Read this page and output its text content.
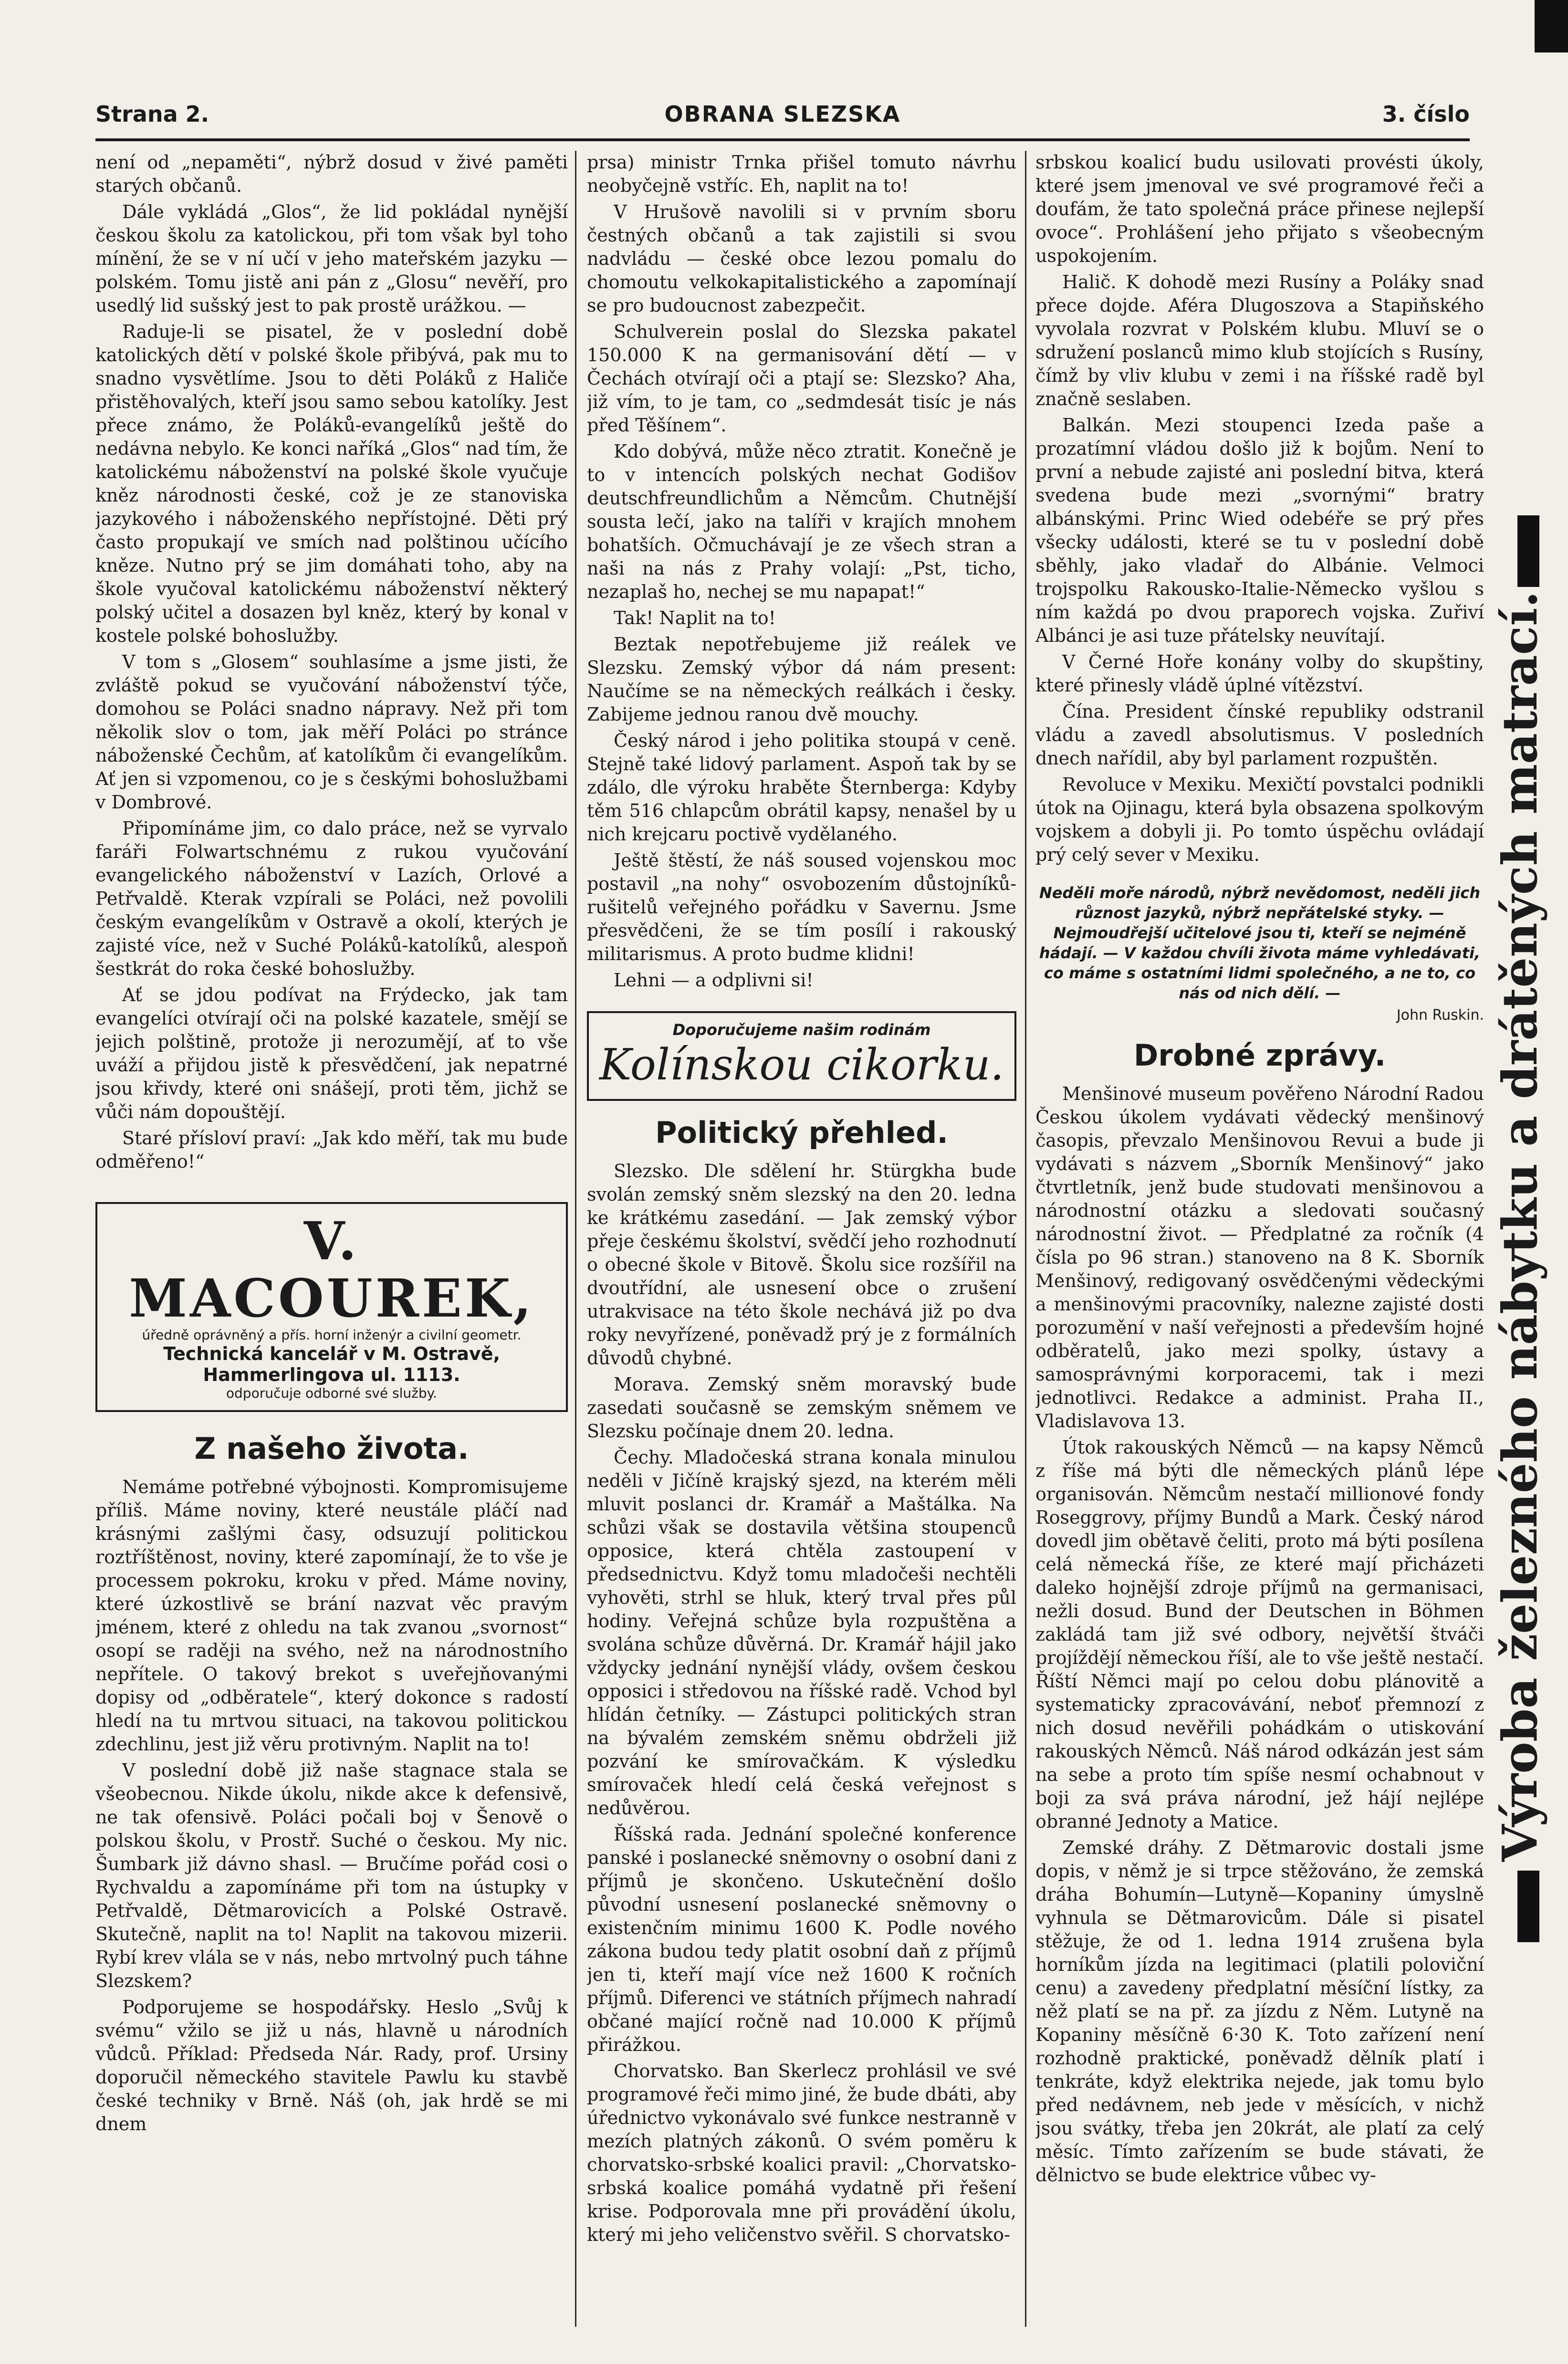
Strana 2.	OBRANA SLEZSKA	3. číslo

není od „nepaměti“, nýbrž dosud v živé paměti starých občanů.

Dále vykládá „Glos“, že lid pokládal nynější českou školu za katolickou, při tom však byl toho mínění, že se v ní učí v jeho mateřském jazyku — polském. Tomu jistě ani pán z „Glosu“ nevěří, pro usedlý lid sušský jest to pak prostě urážkou. —

Raduje-li se pisatel, že v poslední době katolických dětí v polské škole přibývá, pak mu to snadno vysvětlíme. Jsou to děti Poláků z Haliče přistěhovalých, kteří jsou samo sebou katolíky. Jest přece známo, že Poláků-evangelíků ještě do nedávna nebylo. Ke konci naříká „Glos“ nad tím, že katolickému náboženství na polské škole vyučuje kněz národnosti české, což je ze stanoviska jazykového i náboženského nepřístojné. Děti prý často propukají ve smích nad polštinou učícího kněze. Nutno prý se jim domáhati toho, aby na škole vyučoval katolickému náboženství některý polský učitel a dosazen byl kněz, který by konal v kostele polské bohoslužby.

V tom s „Glosem“ souhlasíme a jsme jisti, že zvláště pokud se vyučování náboženství týče, domohou se Poláci snadno nápravy. Než při tom několik slov o tom, jak měří Poláci po stránce náboženské Čechům, ať katolíkům či evangelíkům. Ať jen si vzpomenou, co je s českými bohoslužbami v Dombrové.

Připomínáme jim, co dalo práce, než se vyrvalo faráři Folwartschnému z rukou vyučování evangelického náboženství v Lazích, Orlové a Petřvaldě. Kterak vzpírali se Poláci, než povolili českým evangelíkům v Ostravě a okolí, kterých je zajisté více, než v Suché Poláků-katolíků, alespoň šestkrát do roka české bohoslužby.

Ať se jdou podívat na Frýdecko, jak tam evangelíci otvírají oči na polské kazatele, smějí se jejich polštině, protože ji nerozumějí, ať to vše uváží a přijdou jistě k přesvědčení, jak nepatrné jsou křivdy, které oni snášejí, proti těm, jichž se vůči nám dopouštějí.

Staré přísloví praví: „Jak kdo měří, tak mu bude odměřeno!“

V. MACOUREK,
úředně oprávněný a přís. horní inženýr a civilní geometr.
Technická kancelář v M. Ostravě, Hammerlingova ul. 1113.
odporučuje odborné své služby.
Z našeho života.

Nemáme potřebné výbojnosti. Kompromisujeme příliš. Máme noviny, které neustále pláčí nad krásnými zašlými časy, odsuzují politickou roztříštěnost, noviny, které zapomínají, že to vše je processem pokroku, kroku v před. Máme noviny, které úzkostlivě se brání nazvat věc pravým jménem, které z ohledu na tak zvanou „svornost“ osopí se raději na svého, než na národnostního nepřítele. O takový brekot s uveřejňovanými dopisy od „odběratele“, který dokonce s radostí hledí na tu mrtvou situaci, na takovou politickou zdechlinu, jest již věru protivným. Naplit na to!

V poslední době již naše stagnace stala se všeobecnou. Nikde úkolu, nikde akce k defensivě, ne tak ofensivě. Poláci počali boj v Šenově o polskou školu, v Prostř. Suché o českou. My nic. Šumbark již dávno shasl. — Bručíme pořád cosi o Rychvaldu a zapomínáme při tom na ústupky v Petřvaldě, Dětmarovicích a Polské Ostravě. Skutečně, naplit na to! Naplit na takovou mizerii. Rybí krev vlála se v nás, nebo mrtvolný puch táhne Slezskem?

Podporujeme se hospodářsky. Heslo „Svůj k svému“ vžilo se již u nás, hlavně u národních vůdců. Příklad: Předseda Nár. Rady, prof. Ursiny doporučil německého stavitele Pawlu ku stavbě české techniky v Brně. Náš (oh, jak hrdě se mi dnem

prsa) ministr Trnka přišel tomuto návrhu neobyčejně vstříc. Eh, naplit na to!

V Hrušově navolili si v prvním sboru čestných občanů a tak zajistili si svou nadvládu — české obce lezou pomalu do chomoutu velkokapitalistického a zapomínají se pro budoucnost zabezpečit.

Schulverein poslal do Slezska pakatel 150.000 K na germanisování dětí — v Čechách otvírají oči a ptají se: Slezsko? Aha, již vím, to je tam, co „sedmdesát tisíc je nás před Těšínem“.

Kdo dobývá, může něco ztratit. Konečně je to v intencích polských nechat Godišov deutschfreundlichům a Němcům. Chutnější sousta lečí, jako na talíři v krajích mnohem bohatších. Očmuchávají je ze všech stran a naši na nás z Prahy volají: „Pst, ticho, nezaplaš ho, nechej se mu napapat!“

Tak! Naplit na to!

Beztak nepotřebujeme již reálek ve Slezsku. Zemský výbor dá nám present: Naučíme se na německých reálkách i česky. Zabijeme jednou ranou dvě mouchy.

Český národ i jeho politika stoupá v ceně. Stejně také lidový parlament. Aspoň tak by se zdálo, dle výroku hraběte Šternberga: Kdyby těm 516 chlapcům obrátil kapsy, nenašel by u nich krejcaru poctivě vydělaného.

Ještě štěstí, že náš soused vojenskou moc postavil „na nohy“ osvobozením důstojníků-rušitelů veřejného pořádku v Savernu. Jsme přesvědčeni, že se tím posílí i rakouský militarismus. A proto budme klidni!

Lehni — a odplivni si!

Doporučujeme našim rodinám
Kolínskou cikorku.
Politický přehled.

Slezsko. Dle sdělení hr. Stürgkha bude svolán zemský sněm slezský na den 20. ledna ke krátkému zasedání. — Jak zemský výbor přeje českému školství, svědčí jeho rozhodnutí o obecné škole v Bitově. Školu sice rozšířil na dvoutřídní, ale usnesení obce o zrušení utrakvisace na této škole nechává již po dva roky nevyřízené, poněvadž prý je z formálních důvodů chybné.

Morava. Zemský sněm moravský bude zasedati současně se zemským sněmem ve Slezsku počínaje dnem 20. ledna.

Čechy. Mladočeská strana konala minulou neděli v Jičíně krajský sjezd, na kterém měli mluvit poslanci dr. Kramář a Maštálka. Na schůzi však se dostavila většina stoupenců opposice, která chtěla zastoupení v předsednictvu. Když tomu mladočeši nechtěli vyhověti, strhl se hluk, který trval přes půl hodiny. Veřejná schůze byla rozpuštěna a svolána schůze důvěrná. Dr. Kramář hájil jako vždycky jednání nynější vlády, ovšem českou opposici i středovou na říšské radě. Vchod byl hlídán četníky. — Zástupci politických stran na bývalém zemském sněmu obdrželi již pozvání ke smírovačkám. K výsledku smírovaček hledí celá česká veřejnost s nedůvěrou.

Říšská rada. Jednání společné konference panské i poslanecké sněmovny o osobní dani z příjmů je skončeno. Uskutečnění došlo původní usnesení poslanecké sněmovny o existenčním minimu 1600 K. Podle nového zákona budou tedy platit osobní daň z příjmů jen ti, kteří mají více než 1600 K ročních příjmů. Diferenci ve státních příjmech nahradí občané mající ročně nad 10.000 K příjmů přirážkou.

Chorvatsko. Ban Skerlecz prohlásil ve své programové řeči mimo jiné, že bude dbáti, aby úřednictvo vykonávalo své funkce nestranně v mezích platných zákonů. O svém poměru k chorvatsko-srbské koalici pravil: „Chorvatsko-srbská koalice pomáhá vydatně při řešení krise. Podporovala mne při provádění úkolu, který mi jeho veličenstvo svěřil. S chorvatsko-

srbskou koalicí budu usilovati provésti úkoly, které jsem jmenoval ve své programové řeči a doufám, že tato společná práce přinese nejlepší ovoce“. Prohlášení jeho přijato s všeobecným uspokojením.

Halič. K dohodě mezi Rusíny a Poláky snad přece dojde. Aféra Dlugoszova a Stapiňského vyvolala rozvrat v Polském klubu. Mluví se o sdružení poslanců mimo klub stojících s Rusíny, čímž by vliv klubu v zemi i na říšské radě byl značně seslaben.

Balkán. Mezi stoupenci Izeda paše a prozatímní vládou došlo již k bojům. Není to první a nebude zajisté ani poslední bitva, která svedena bude mezi „svornými“ bratry albánskými. Princ Wied odebéře se prý přes všecky události, které se tu v poslední době sběhly, jako vladař do Albánie. Velmoci trojspolku Rakousko-Italie-Německo vyšlou s ním každá po dvou praporech vojska. Zuřiví Albánci je asi tuze přátelsky neuvítají.

V Černé Hoře konány volby do skupštiny, které přinesly vládě úplné vítězství.

Čína. President čínské republiky odstranil vládu a zavedl absolutismus. V posledních dnech nařídil, aby byl parlament rozpuštěn.

Revoluce v Mexiku. Mexičtí povstalci podnikli útok na Ojinagu, která byla obsazena spolkovým vojskem a dobyli ji. Po tomto úspěchu ovládají prý celý sever v Mexiku.

Neděli moře národů, nýbrž nevědomost, neděli jich různost jazyků, nýbrž nepřátelské styky. — Nejmoudřejší učitelové jsou ti, kteří se nejméně hádají. — V každou chvíli života máme vyhledávati, co máme s ostatními lidmi společného, a ne to, co nás od nich dělí. —
John Ruskin.
Drobné zprávy.

Menšinové museum pověřeno Národní Radou Českou úkolem vydávati vědecký menšinový časopis, převzalo Menšinovou Revui a bude ji vydávati s názvem „Sborník Menšinový“ jako čtvrtletník, jenž bude studovati menšinovou a národnostní otázku a sledovati současný národnostní život. — Předplatné za ročník (4 čísla po 96 stran.) stanoveno na 8 K. Sborník Menšinový, redigovaný osvědčenými vědeckými a menšinovými pracovníky, nalezne zajisté dosti porozumění v naší veřejnosti a především hojné odběratelů, jako mezi spolky, ústavy a samosprávnými korporacemi, tak i mezi jednotlivci. Redakce a administ. Praha II., Vladislavova 13.

Útok rakouských Němců — na kapsy Němců z říše má býti dle německých plánů lépe organisován. Němcům nestačí millionové fondy Roseggrovy, příjmy Bundů a Mark. Český národ dovedl jim obětavě čeliti, proto má býti posílena celá německá říše, ze které mají přicházeti daleko hojnější zdroje příjmů na germanisaci, nežli dosud. Bund der Deutschen in Böhmen zakládá tam již své odbory, největší štváči projíždějí německou říší, ale to vše ještě nestačí. Říští Němci mají po celou dobu plánovitě a systematicky zpracovávání, neboť přemnozí z nich dosud nevěřili pohádkám o utiskování rakouských Němců. Náš národ odkázán jest sám na sebe a proto tím spíše nesmí ochabnout v boji za svá práva národní, jež hájí nejlépe obranné Jednoty a Matice.

Zemské dráhy. Z Dětmarovic dostali jsme dopis, v němž je si trpce stěžováno, že zemská dráha Bohumín—Lutyně—Kopaniny úmyslně vyhnula se Dětmarovicům. Dále si pisatel stěžuje, že od 1. ledna 1914 zrušena byla horníkům jízda na legitimaci (platili poloviční cenu) a zavedeny předplatní měsíční lístky, za něž platí se na př. za jízdu z Něm. Lutyně na Kopaniny měsíčně 6·30 K. Toto zařízení není rozhodně praktické, poněvadž dělník platí i tenkráte, když elektrika nejede, jak tomu bylo před nedávnem, neb jede v měsících, v nichž jsou svátky, třeba jen 20krát, ale platí za celý měsíc. Tímto zařízením se bude stávati, že dělnictvo se bude elektrice vůbec vy-

Výroba železného nábytku a drátěných matrací.
